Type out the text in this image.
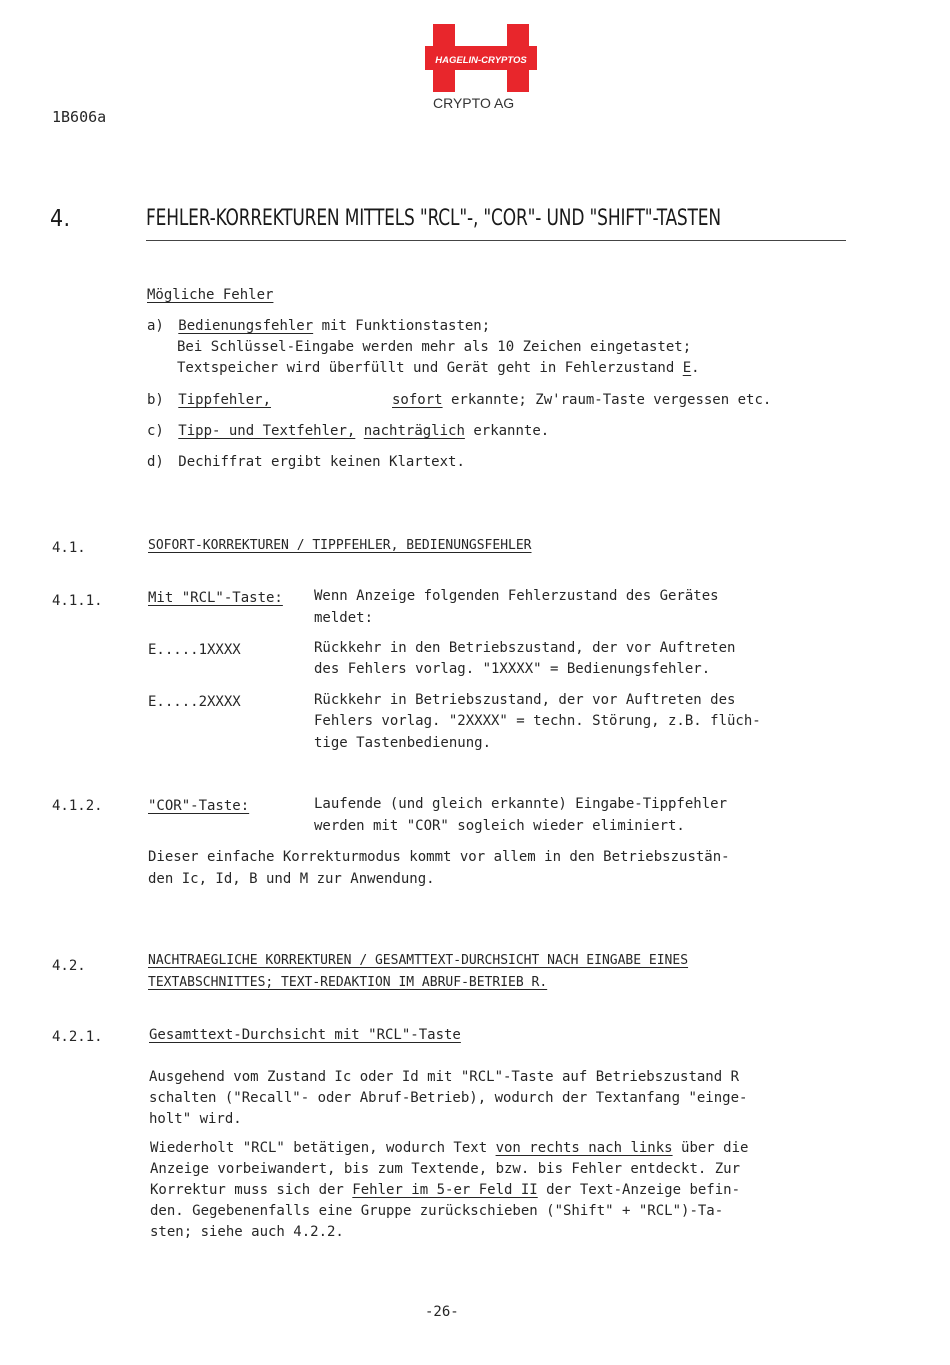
1B606a
HAGELIN-CRYPTOS
CRYPTO AG
4.	FEHLER-KORREKTUREN MITTELS "RCL"-, "COR"- UND "SHIFT"-TASTEN
Mögliche Fehler
a) Bedienungsfehler mit Funktionstasten;
Bei Schlüssel-Eingabe werden mehr als 10 Zeichen eingetastet;
Textspeicher wird überfüllt und Gerät geht in Fehlerzustand E.
b) Tippfehler,	sofort erkannte; Zw'raum-Taste vergessen etc.
c) Tipp- und Textfehler, nachträglich erkannte.
d) Dechiffrat ergibt keinen Klartext.
4.1.	SOFORT-KORREKTUREN / TIPPFEHLER, BEDIENUNGSFEHLER
4.1.1.	Mit "RCL"-Taste: Wenn Anzeige folgenden Fehlerzustand des Gerätes
meldet:
E.....1XXXX	Rückkehr in den Betriebszustand, der vor Auftreten
des Fehlers vorlag. "1XXXX" = Bedienungsfehler.
E.....2XXXX	Rückkehr in Betriebszustand, der vor Auftreten des
Fehlers vorlag. "2XXXX" = techn. Störung, z.B. flüch-
tige Tastenbedienung.
4.1.2.	"COR"-Taste:	Laufende (und gleich erkannte) Eingabe-Tippfehler
werden mit "COR" sogleich wieder eliminiert.
Dieser einfache Korrekturmodus kommt vor allem in den Betriebszustän-
den Ic, Id, B und M zur Anwendung.
4.2.	NACHTRAEGLICHE KORREKTUREN / GESAMTTEXT-DURCHSICHT NACH EINGABE EINES
TEXTABSCHNITTES; TEXT-REDAKTION IM ABRUF-BETRIEB R.
4.2.1.	Gesamttext-Durchsicht mit "RCL"-Taste
Ausgehend vom Zustand Ic oder Id mit "RCL"-Taste auf Betriebszustand R
schalten ("Recall"- oder Abruf-Betrieb), wodurch der Textanfang "einge-
holt" wird.
Wiederholt "RCL" betätigen, wodurch Text von rechts nach links über die
Anzeige vorbeiwandert, bis zum Textende, bzw. bis Fehler entdeckt. Zur
Korrektur muss sich der Fehler im 5-er Feld II der Text-Anzeige befin-
den. Gegebenenfalls eine Gruppe zurückschieben ("Shift" + "RCL")-Ta-
sten; siehe auch 4.2.2.
-26-
